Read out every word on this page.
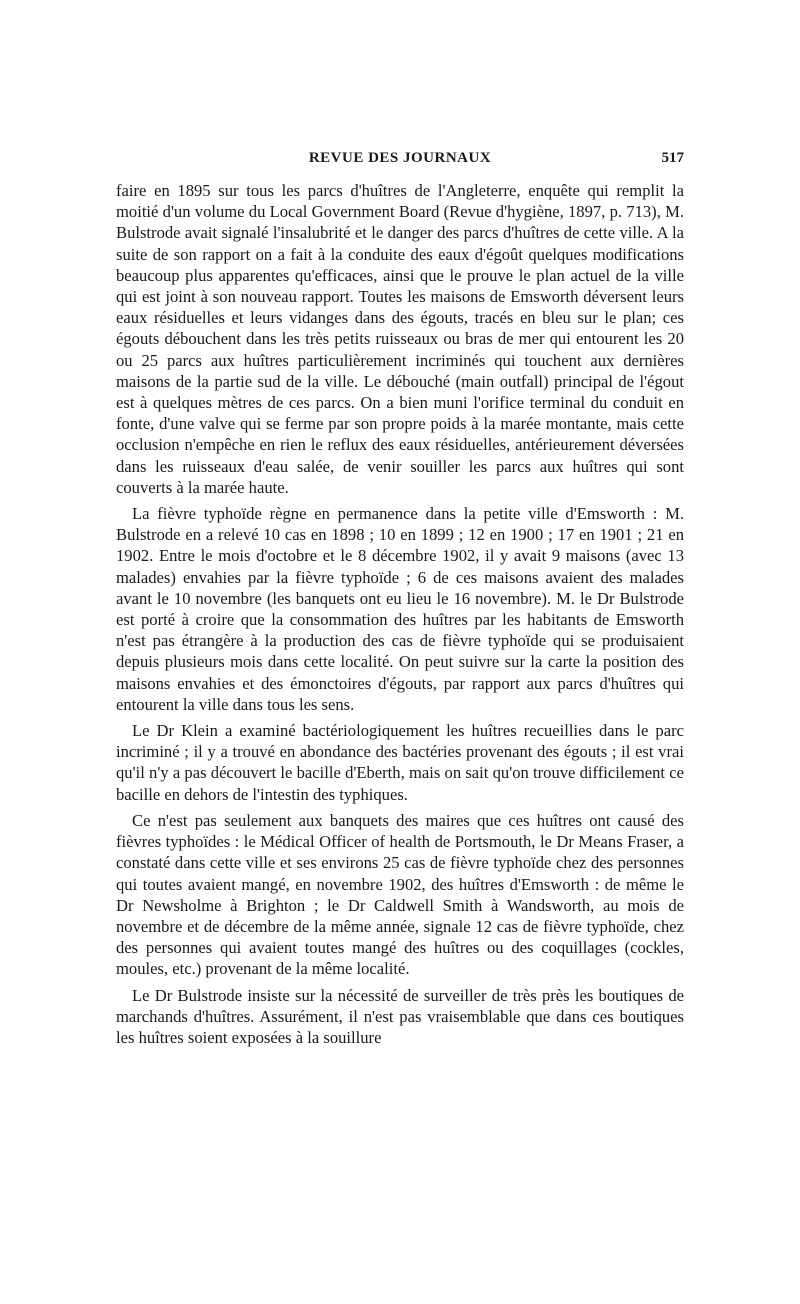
REVUE DES JOURNAUX	517

faire en 1895 sur tous les parcs d'huîtres de l'Angleterre, enquête qui remplit la moitié d'un volume du Local Government Board (Revue d'hygiène, 1897, p. 713), M. Bulstrode avait signalé l'insalubrité et le danger des parcs d'huîtres de cette ville. A la suite de son rapport on a fait à la conduite des eaux d'égoût quelques modifications beaucoup plus apparentes qu'efficaces, ainsi que le prouve le plan actuel de la ville qui est joint à son nouveau rapport. Toutes les maisons de Emsworth déversent leurs eaux résiduelles et leurs vidanges dans des égouts, tracés en bleu sur le plan; ces égouts débouchent dans les très petits ruisseaux ou bras de mer qui entourent les 20 ou 25 parcs aux huîtres particulièrement incriminés qui touchent aux dernières maisons de la partie sud de la ville. Le débouché (main outfall) principal de l'égout est à quelques mètres de ces parcs. On a bien muni l'orifice terminal du conduit en fonte, d'une valve qui se ferme par son propre poids à la marée montante, mais cette occlusion n'empêche en rien le reflux des eaux résiduelles, antérieurement déversées dans les ruisseaux d'eau salée, de venir souiller les parcs aux huîtres qui sont couverts à la marée haute.

La fièvre typhoïde règne en permanence dans la petite ville d'Emsworth : M. Bulstrode en a relevé 10 cas en 1898 ; 10 en 1899 ; 12 en 1900 ; 17 en 1901 ; 21 en 1902. Entre le mois d'octobre et le 8 décembre 1902, il y avait 9 maisons (avec 13 malades) envahies par la fièvre typhoïde ; 6 de ces maisons avaient des malades avant le 10 novembre (les banquets ont eu lieu le 16 novembre). M. le Dr Bulstrode est porté à croire que la consommation des huîtres par les habitants de Emsworth n'est pas étrangère à la production des cas de fièvre typhoïde qui se produisaient depuis plusieurs mois dans cette localité. On peut suivre sur la carte la position des maisons envahies et des émonctoires d'égouts, par rapport aux parcs d'huîtres qui entourent la ville dans tous les sens.

Le Dr Klein a examiné bactériologiquement les huîtres recueillies dans le parc incriminé ; il y a trouvé en abondance des bactéries provenant des égouts ; il est vrai qu'il n'y a pas découvert le bacille d'Eberth, mais on sait qu'on trouve difficilement ce bacille en dehors de l'intestin des typhiques.

Ce n'est pas seulement aux banquets des maires que ces huîtres ont causé des fièvres typhoïdes : le Médical Officer of health de Portsmouth, le Dr Means Fraser, a constaté dans cette ville et ses environs 25 cas de fièvre typhoïde chez des personnes qui toutes avaient mangé, en novembre 1902, des huîtres d'Emsworth : de même le Dr Newsholme à Brighton ; le Dr Caldwell Smith à Wandsworth, au mois de novembre et de décembre de la même année, signale 12 cas de fièvre typhoïde, chez des personnes qui avaient toutes mangé des huîtres ou des coquillages (cockles, moules, etc.) provenant de la même localité.

Le Dr Bulstrode insiste sur la nécessité de surveiller de très près les boutiques de marchands d'huîtres. Assurément, il n'est pas vraisemblable que dans ces boutiques les huîtres soient exposées à la souillure
